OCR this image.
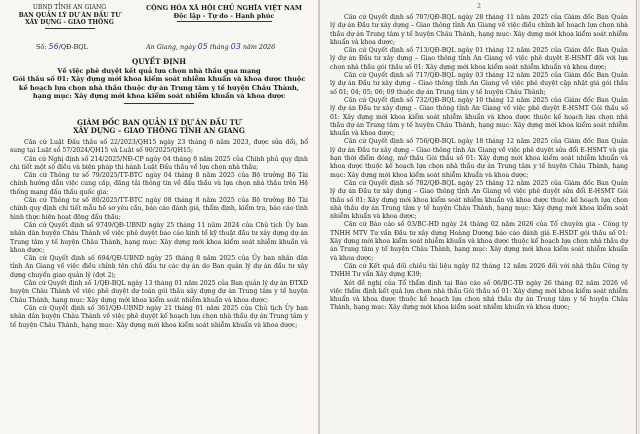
UBND TỈNH AN GIANG
BAN QUẢN LÝ DỰ ÁN ĐẦU TƯ
XÂY DỰNG - GIAO THÔNG
CỘNG HÒA XÃ HỘI CHỦ NGHĨA VIỆT NAM
Độc lập - Tự do - Hạnh phúc
Số: 56/QĐ-BQL	An Giang, ngày 05 tháng 03 năm 2026
QUYẾT ĐỊNH
Về việc phê duyệt kết quả lựa chọn nhà thầu qua mạng
Gói thầu số 01: Xây dựng mới khoa kiểm soát nhiễm khuẩn và khoa dược thuộc
kế hoạch lựa chọn nhà thầu thuộc dự án Trung tâm y tế huyện Châu Thành,
hạng mục: Xây dựng mới khoa kiểm soát nhiễm khuẩn và khoa dược
GIÁM ĐỐC BAN QUẢN LÝ DỰ ÁN ĐẦU TƯ
XÂY DỰNG – GIAO THÔNG TỈNH AN GIANG

Căn cứ Luật Đấu thầu số 22/2023/QH15 ngày 23 tháng 6 năm 2023, được sửa đổi, bổ sung tại Luật số 57/2024/QH15 và Luật số 90/2025/QH15;

Căn cứ Nghị định số 214/2025/NĐ-CP ngày 04 tháng 8 năm 2025 của Chính phủ quy định chi tiết một số điều và biện pháp thi hành Luật Đấu thầu về lựa chọn nhà thầu;

Căn cứ Thông tư số 79/2025/TT-BTC ngày 04 tháng 8 năm 2025 của Bộ trưởng Bộ Tài chính hướng dẫn việc cung cấp, đăng tải thông tin về đấu thầu và lựa chọn nhà thầu trên Hệ thống mạng đấu thầu quốc gia;

Căn cứ Thông tư số 80/2025/TT-BTC ngày 08 tháng 8 năm 2025 của Bộ trưởng Bộ Tài chính quy định chi tiết mẫu hồ sơ yêu cầu, báo cáo đánh giá, thẩm định, kiểm tra, báo cáo tình hình thực hiện hoạt động đấu thầu;

Căn cứ Quyết định số 9749/QĐ-UBND ngày 25 tháng 11 năm 2024 của Chủ tịch Ủy ban nhân dân huyện Châu Thành về việc phê duyệt báo cáo kinh tế kỹ thuật đầu tư xây dựng dự án Trung tâm y tế huyện Châu Thành, hạng mục: Xây dựng mới khoa kiểm soát nhiễm khuẩn và khoa dược;

Căn cứ Quyết định số 694/QĐ-UBND ngày 25 tháng 8 năm 2025 của Ủy ban nhân dân tỉnh An Giang về việc điều chỉnh tên chủ đầu tư các dự án do Ban quản lý dự án đầu tư xây dựng chuyển giao quản lý (đợt 2);

Căn cứ Quyết định số 1/QĐ-BQL ngày 13 tháng 01 năm 2025 của Ban quản lý dự án ĐTXD huyện Châu Thành về việc phê duyệt dự toán gói thầu xây dựng dự án Trung tâm y tế huyện Châu Thành, hạng mục: Xây dựng mới khoa kiểm soát nhiễm khuẩn và khoa dược;

Căn cứ Quyết định số 361/QĐ-UBND ngày 21 tháng 01 năm 2025 của Chủ tịch Ủy ban nhân dân huyện Châu Thành về việc phê duyệt kế hoạch lựa chọn nhà thầu dự án Trung tâm y tế huyện Châu Thành, hạng mục: Xây dựng mới khoa kiểm soát nhiễm khuẩn và khoa dược;

2

Căn cứ Quyết định số 707/QĐ-BQL ngày 28 tháng 11 năm 2025 của Giám đốc Ban Quản lý dự án Đầu tư xây dựng – Giao thông tỉnh An Giang về việc điều chỉnh kế hoạch lựa chọn nhà thầu dự án Trung tâm y tế huyện Châu Thành, hạng mục: Xây dựng mới khoa kiểm soát nhiễm khuẩn và khoa dược;

Căn cứ Quyết định số 713/QĐ-BQL ngày 01 tháng 12 năm 2025 của Giám đốc Ban Quản lý dự án Đầu tư xây dựng – Giao thông tỉnh An Giang về việc phê duyệt E-HSMT đối với lựa chọn nhà thầu gói thầu số 01: Xây dựng mới khoa kiểm soát nhiễm khuẩn và khoa dược;

Căn cứ Quyết định số 717/QĐ-BQL ngày 03 tháng 12 năm 2025 của Giám đốc Ban Quản lý dự án Đầu tư xây dựng – Giao thông tỉnh An Giang về việc phê duyệt cập nhật giá gói thầu số 01; 04; 05; 06; 09 thuộc dự án Trung tâm y tế huyện Châu Thành;

Căn cứ Quyết định số 732/QĐ-BQL ngày 10 tháng 12 năm 2025 của Giám đốc Ban Quản lý dự án Đầu tư xây dựng – Giao thông tỉnh An Giang về việc phê duyệt E-HSMT Gói thầu số 01: Xây dựng mới khoa kiểm soát nhiễm khuẩn và khoa dược thuộc kế hoạch lựa chọn nhà thầu dự án Trung tâm y tế huyện Châu Thành, hạng mục: Xây dựng mới khoa kiểm soát nhiễm khuẩn và khoa dược;

Căn cứ Quyết định số 756/QĐ-BQL ngày 18 tháng 12 năm 2025 của Giám đốc Ban Quản lý dự án Đầu tư xây dựng – Giao thông tỉnh An Giang về việc phê duyệt sửa đổi E-HSMT và gia hạn thời điểm đóng, mở thầu Gói thầu số 01: Xây dựng mới khoa kiểm soát nhiễm khuẩn và khoa dược thuộc kế hoạch lựa chọn nhà thầu dự án Trung tâm y tế huyện Châu Thành, hạng mục: Xây dựng mới khoa kiểm soát nhiễm khuẩn và khoa dược;

Căn cứ Quyết định số 782/QĐ-BQL ngày 25 tháng 12 năm 2025 của Giám đốc Ban Quản lý dự án Đầu tư xây dựng – Giao thông tỉnh An Giang về việc phê duyệt sửa đổi E-HSMT Gói thầu số 01: Xây dựng mới khoa kiểm soát nhiễm khuẩn và khoa dược thuộc kế hoạch lựa chọn nhà thầu dự án Trung tâm y tế huyện Châu Thành, hạng mục: Xây dựng mới khoa kiểm soát nhiễm khuẩn và khoa dược;

Căn cứ Báo cáo số 03/BC-HD ngày 24 tháng 02 năm 2026 của Tổ chuyên gia - Công ty TNHH MTV Tư vấn Đầu tư xây dựng Hoàng Dương báo cáo đánh giá E-HSDT gói thầu số 01: Xây dựng mới khoa kiểm soát nhiễm khuẩn và khoa dược thuộc kế hoạch lựa chọn nhà thầu dự án Trung tâm y tế huyện Châu Thành, hạng mục: Xây dựng mới khoa kiểm soát nhiễm khuẩn và khoa dược;

Căn cứ Kết quả đối chiếu tài liệu ngày 02 tháng 12 năm 2026 đối với nhà thầu Công ty TNHH Tư vấn Xây dựng K39;

Xét đề nghị của Tổ thẩm định tại Báo cáo số 06/BC-TĐ ngày 26 tháng 02 năm 2026 về việc thẩm định kết quả lựa chọn nhà thầu Gói thầu số 01: Xây dựng mới khoa kiểm soát nhiễm khuẩn và khoa dược thuộc kế hoạch lựa chọn nhà thầu dự án Trung tâm y tế huyện Châu Thành, hạng mục: Xây dựng mới khoa kiểm soát nhiễm khuẩn và khoa dược;
